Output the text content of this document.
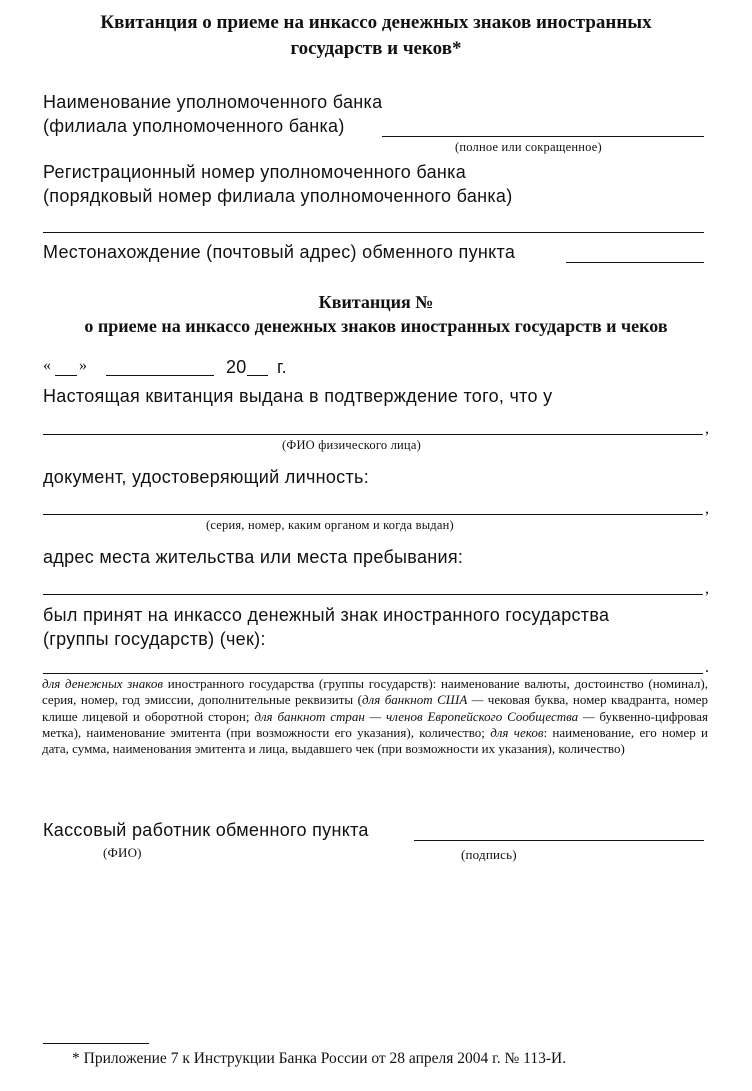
Квитанция о приеме на инкассо денежных знаков иностранных
государств и чеков*
Наименование уполномоченного банка
(филиала уполномоченного банка)
(полное или сокращенное)
Регистрационный номер уполномоченного банка
(порядковый номер филиала уполномоченного банка)
Местонахождение (почтовый адрес) обменного пункта
Квитанция №
о приеме на инкассо денежных знаков иностранных государств и чеков
« »	20 г.
Настоящая квитанция выдана в подтверждение того, что у
,
(ФИО физического лица)
документ, удостоверяющий личность:
,
(серия, номер, каким органом и когда выдан)
адрес места жительства или места пребывания:
,
был принят на инкассо денежный знак иностранного государства
(группы государств) (чек):
.
для денежных знаков иностранного государства (группы государств): наименование валюты, достоинство (номинал), серия, номер, год эмиссии, дополнительные реквизиты (для банкнот США — чековая буква, номер квадранта, номер клише лицевой и оборотной сторон; для банкнот стран — членов Европейского Сообщества — буквенно-цифровая метка), наименование эмитента (при возможности его указания), количество; для чеков: наименование, его номер и дата, сумма, наименования эмитента и лица, выдавшего чек (при возможности их указания), количество)
Кассовый работник обменного пункта
(ФИО)	(подпись)
* Приложение 7 к Инструкции Банка России от 28 апреля 2004 г. № 113-И.
